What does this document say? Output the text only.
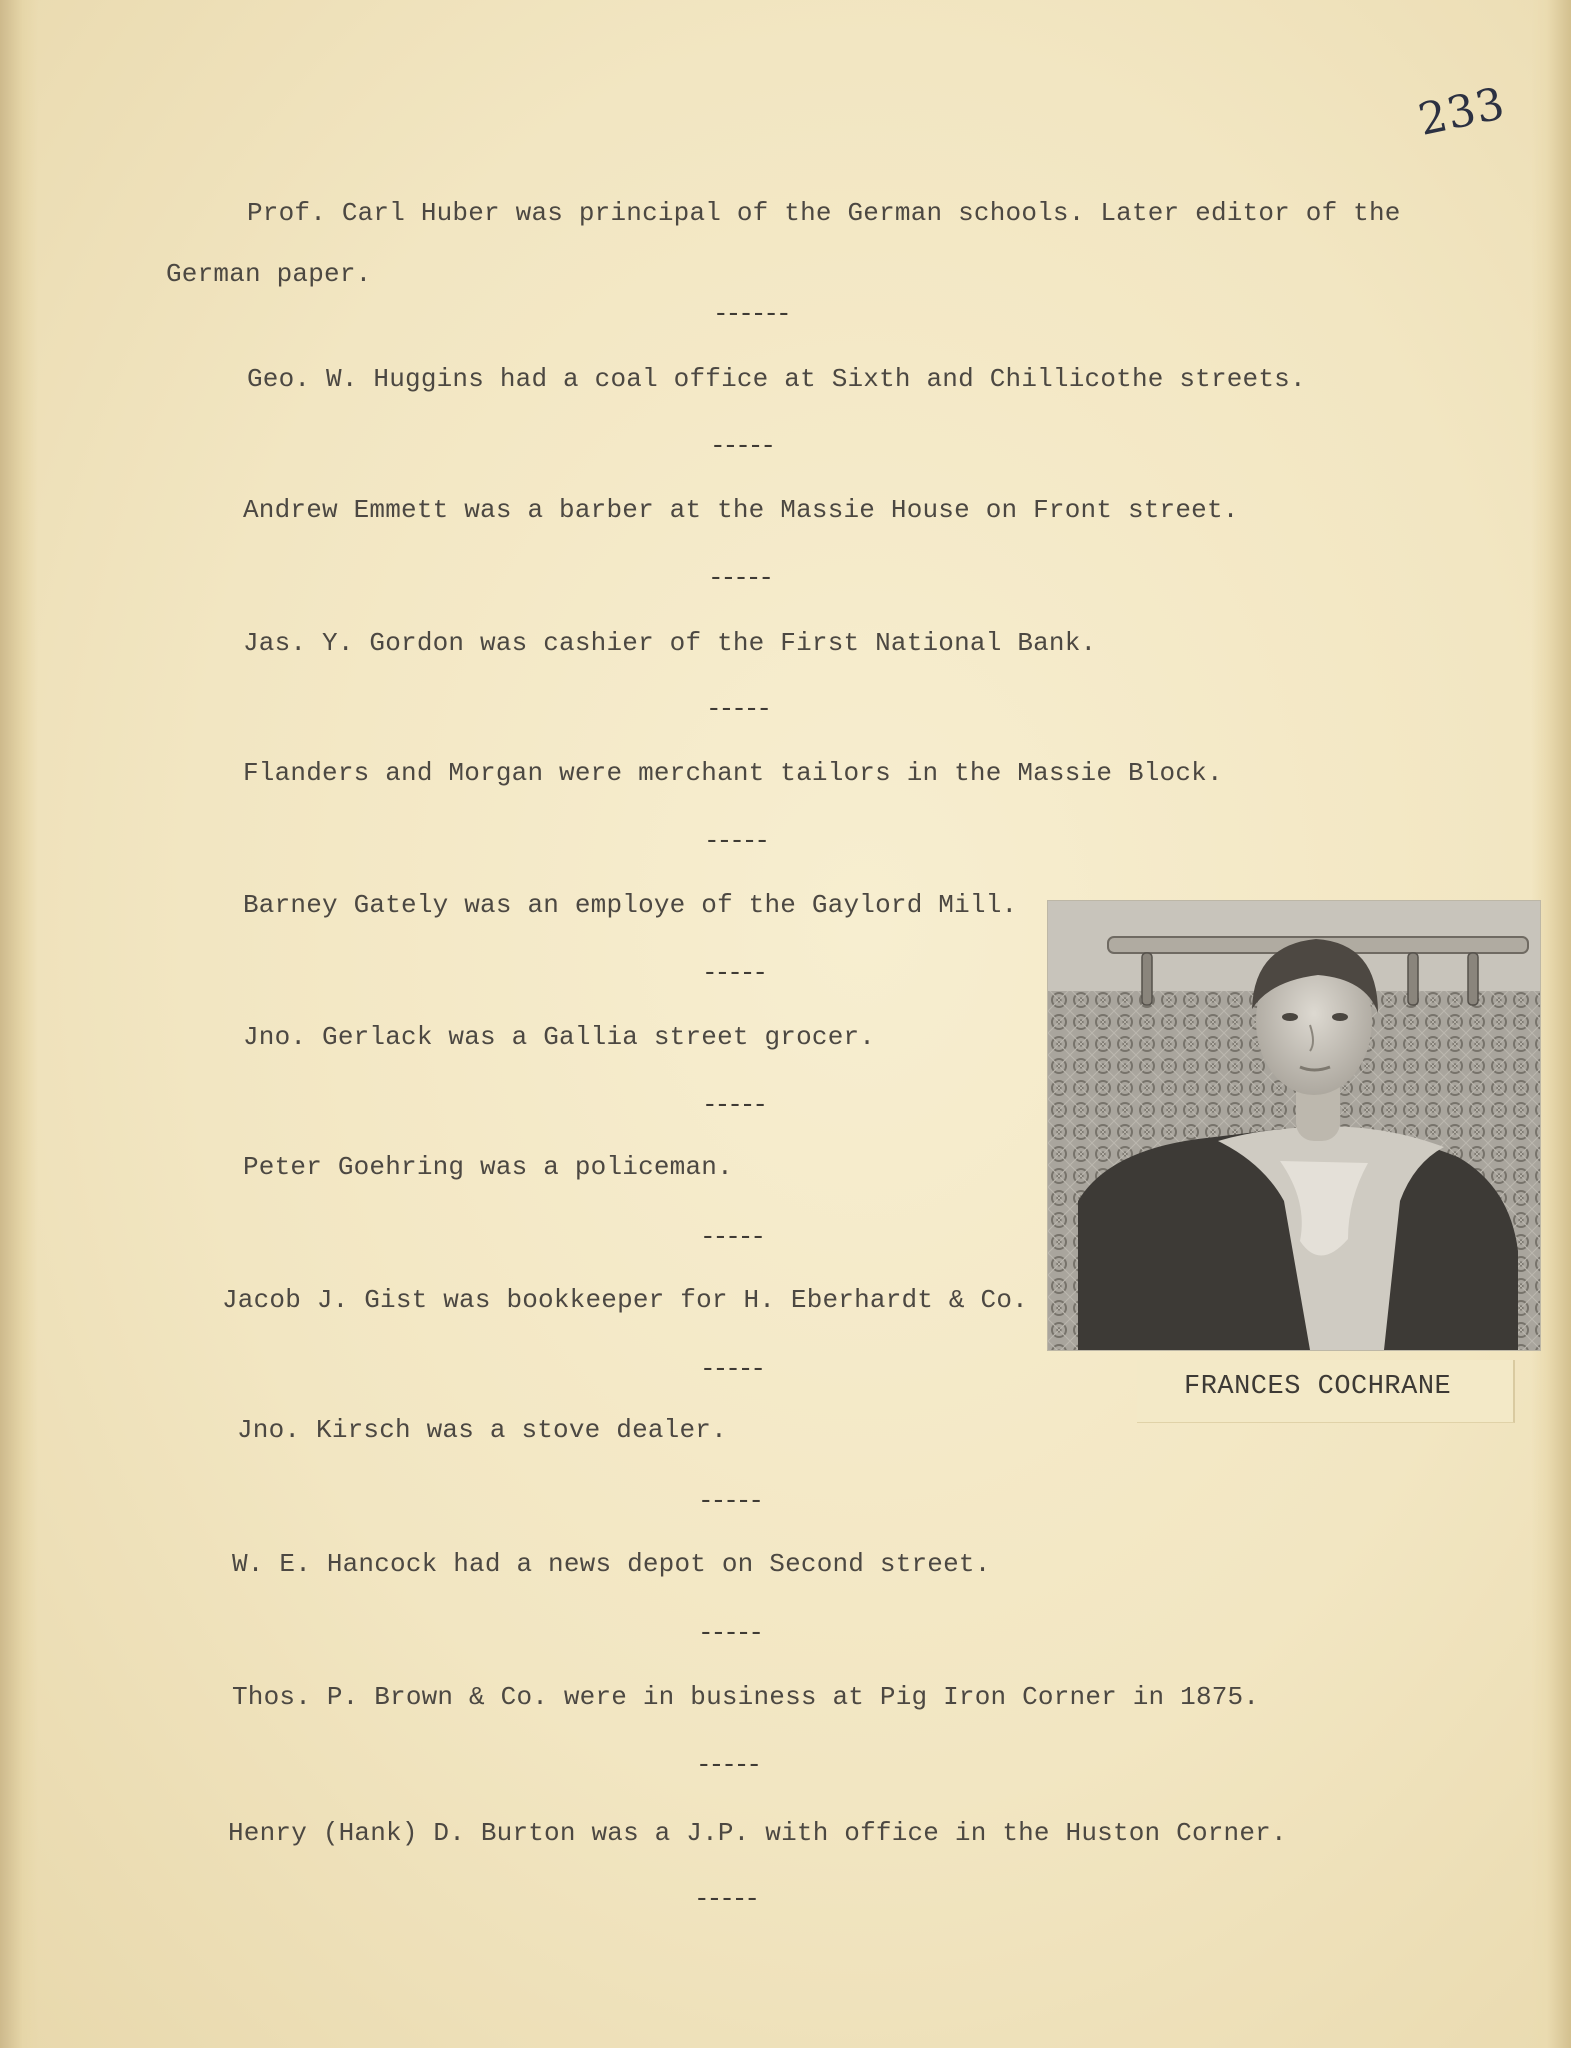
233

Prof. Carl Huber was principal of the German schools. Later editor of the

German paper.

------

Geo. W. Huggins had a coal office at Sixth and Chillicothe streets.

-----

Andrew Emmett was a barber at the Massie House on Front street.

-----

Jas. Y. Gordon was cashier of the First National Bank.

-----

Flanders and Morgan were merchant tailors in the Massie Block.

-----

Barney Gately was an employe of the Gaylord Mill.

-----

Jno. Gerlack was a Gallia street grocer.

-----

Peter Goehring was a policeman.

-----

Jacob J. Gist was bookkeeper for H. Eberhardt & Co.

-----

Jno. Kirsch was a stove dealer.

-----

W. E. Hancock had a news depot on Second street.

-----

Thos. P. Brown & Co. were in business at Pig Iron Corner in 1875.

-----

Henry (Hank) D. Burton was a J.P. with office in the Huston Corner.

-----

FRANCES COCHRANE
